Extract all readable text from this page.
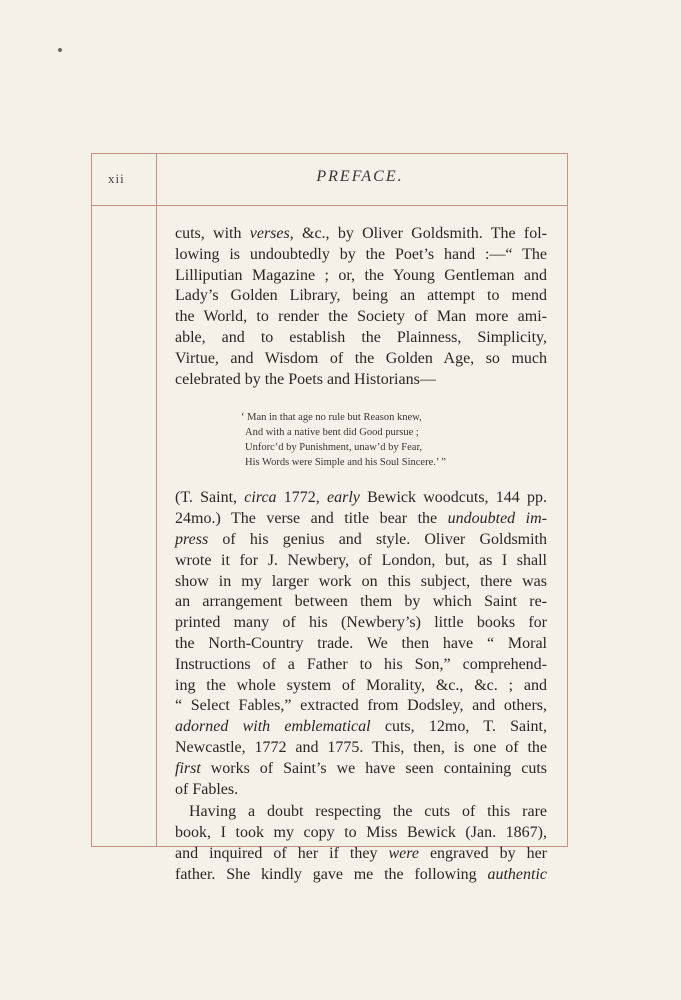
xii	PREFACE.

cuts, with verses, &c., by Oliver Goldsmith. The fol-
lowing is undoubtedly by the Poet’s hand :—“ The
Lilliputian Magazine ; or, the Young Gentleman and
Lady’s Golden Library, being an attempt to mend
the World, to render the Society of Man more ami-
able, and to establish the Plainness, Simplicity,
Virtue, and Wisdom of the Golden Age, so much
celebrated by the Poets and Historians—

‘ Man in that age no rule but Reason knew,
And with a native bent did Good pursue ;
Unforc’d by Punishment, unaw’d by Fear,
His Words were Simple and his Soul Sincere.’ ”

(T. Saint, circa 1772, early Bewick woodcuts, 144 pp.
24mo.) The verse and title bear the undoubted im-
press of his genius and style. Oliver Goldsmith
wrote it for J. Newbery, of London, but, as I shall
show in my larger work on this subject, there was
an arrangement between them by which Saint re-
printed many of his (Newbery’s) little books for
the North-Country trade. We then have “ Moral
Instructions of a Father to his Son,” comprehend-
ing the whole system of Morality, &c., &c. ; and
“ Select Fables,” extracted from Dodsley, and others,
adorned with emblematical cuts, 12mo, T. Saint,
Newcastle, 1772 and 1775. This, then, is one of the
first works of Saint’s we have seen containing cuts
of Fables.

Having a doubt respecting the cuts of this rare
book, I took my copy to Miss Bewick (Jan. 1867),
and inquired of her if they were engraved by her
father. She kindly gave me the following authentic
